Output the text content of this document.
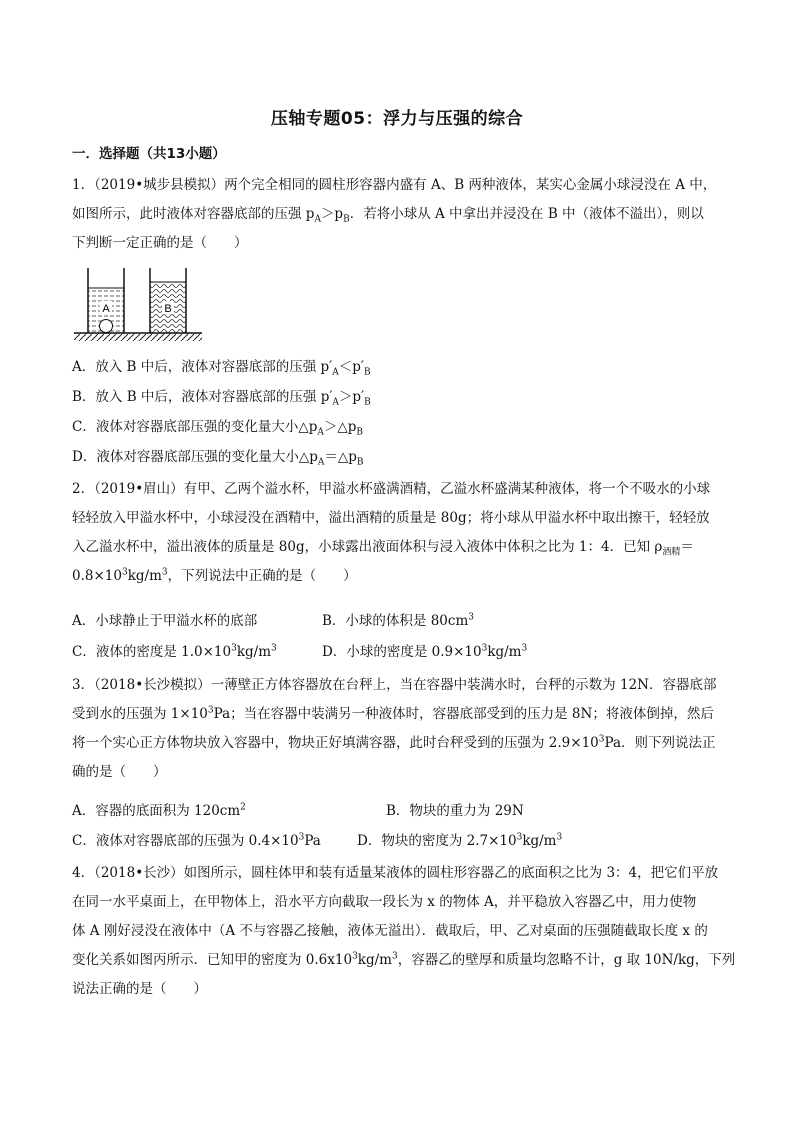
压轴专题05：浮力与压强的综合
一．选择题（共13小题）
1．（2019•城步县模拟）两个完全相同的圆柱形容器内盛有 A、B 两种液体，某实心金属小球浸没在 A 中，
如图所示，此时液体对容器底部的压强 $p_A>p_B$．若将小球从 A 中拿出并浸没在 B 中（液体不溢出），则以
下判断一定正确的是（　　）
A	B
A．放入 B 中后，液体对容器底部的压强 $p'_A<p'_B$
B．放入 B 中后，液体对容器底部的压强 $p'_A>p'_B$
C．液体对容器底部压强的变化量大小$\triangle p_A>\triangle p_B$
D．液体对容器底部压强的变化量大小$\triangle p_A=\triangle p_B$
2．（2019•眉山）有甲、乙两个溢水杯，甲溢水杯盛满酒精，乙溢水杯盛满某种液体，将一个不吸水的小球
轻轻放入甲溢水杯中，小球浸没在酒精中，溢出酒精的质量是 80g；将小球从甲溢水杯中取出擦干，轻轻放
入乙溢水杯中，溢出液体的质量是 80g，小球露出液面体积与浸入液体中体积之比为 1：4．已知 $\rho_{酒精}=$
$0.8\times 10^3kg/m^3$，下列说法中正确的是（　　）
A．小球静止于甲溢水杯的底部	B．小球的体积是 $80cm^3$
C．液体的密度是 $1.0\times 10^3kg/m^3$	D．小球的密度是 $0.9\times 10^3kg/m^3$
3．（2018•长沙模拟）一薄壁正方体容器放在台秤上，当在容器中装满水时，台秤的示数为 12N．容器底部
受到水的压强为 $1\times 10^3Pa$；当在容器中装满另一种液体时，容器底部受到的压力是 8N；将液体倒掉，然后
将一个实心正方体物块放入容器中，物块正好填满容器，此时台秤受到的压强为 $2.9\times 10^3Pa$．则下列说法正
确的是（　　）
A．容器的底面积为 $120cm^2$	B．物块的重力为 29N
C．液体对容器底部的压强为 $0.4\times 10^3Pa$	D．物块的密度为 $2.7\times 10^3kg/m^3$
4．（2018•长沙）如图所示，圆柱体甲和装有适量某液体的圆柱形容器乙的底面积之比为 3：4，把它们平放
在同一水平桌面上，在甲物体上，沿水平方向截取一段长为 x 的物体 A，并平稳放入容器乙中，用力使物
体 A 刚好浸没在液体中（A 不与容器乙接触，液体无溢出）．截取后，甲、乙对桌面的压强随截取长度 x 的
变化关系如图丙所示．已知甲的密度为 $0.6x10^3kg/m^3$，容器乙的壁厚和质量均忽略不计，g 取 10N/kg，下列
说法正确的是（　　）
